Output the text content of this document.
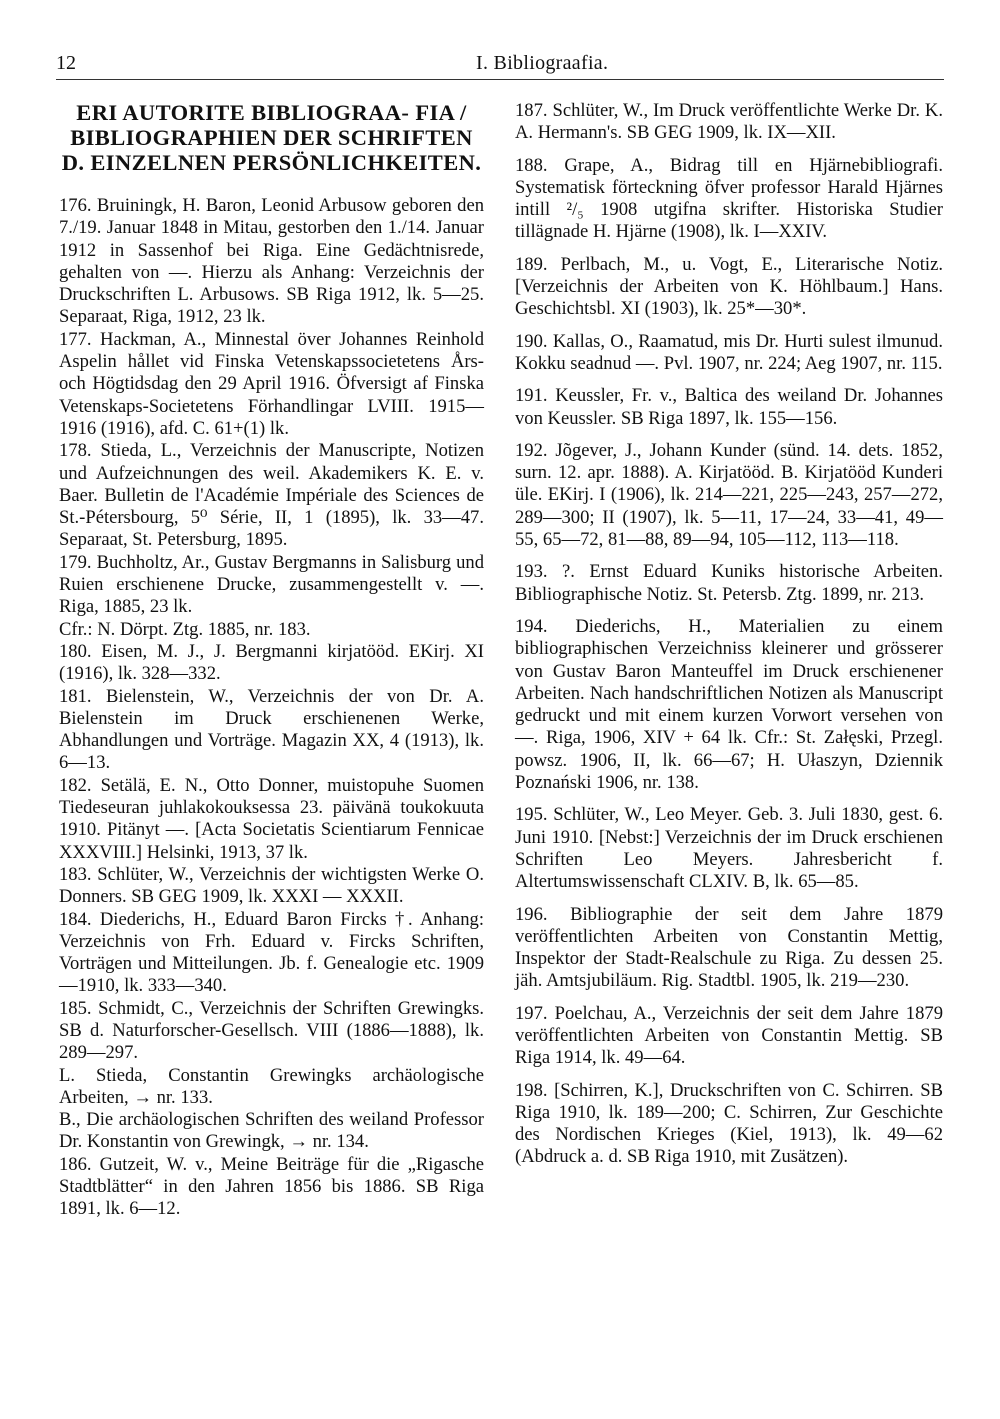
12	I. Bibliograafia.
ERI AUTORITE BIBLIOGRAA- FIA / BIBLIOGRAPHIEN DER SCHRIFTEN D. EINZELNEN PERSÖNLICHKEITEN.

176. Bruiningk, H. Baron, Leonid Arbusow geboren den 7./19. Januar 1848 in Mitau, gestorben den 1./14. Januar 1912 in Sassenhof bei Riga. Eine Gedächtnisrede, gehalten von —. Hierzu als Anhang: Verzeichnis der Druckschriften L. Arbusows. SB Riga 1912, lk. 5—25. Separaat, Riga, 1912, 23 lk.

177. Hackman, A., Minnestal över Johannes Reinhold Aspelin hållet vid Finska Vetenskapssocietetens Års- och Högtidsdag den 29 April 1916. Öfversigt af Finska Vetenskaps-Societetens Förhandlingar LVIII. 1915—1916 (1916), afd. C. 61+(1) lk.

178. Stieda, L., Verzeichnis der Manuscripte, Notizen und Aufzeichnungen des weil. Akademikers K. E. v. Baer. Bulletin de l'Académie Impériale des Sciences de St.-Pétersbourg, 5⁰ Série, II, 1 (1895), lk. 33—47. Separaat, St. Petersburg, 1895.

179. Buchholtz, Ar., Gustav Bergmanns in Salisburg und Ruien erschienene Drucke, zusammengestellt v. —. Riga, 1885, 23 lk.

Cfr.: N. Dörpt. Ztg. 1885, nr. 183.

180. Eisen, M. J., J. Bergmanni kirjatööd. EKirj. XI (1916), lk. 328—332.

181. Bielenstein, W., Verzeichnis der von Dr. A. Bielenstein im Druck erschienenen Werke, Abhandlungen und Vorträge. Magazin XX, 4 (1913), lk. 6—13.

182. Setälä, E. N., Otto Donner, muistopuhe Suomen Tiedeseuran juhlakokouksessa 23. päivänä toukokuuta 1910. Pitänyt —. [Acta Societatis Scientiarum Fennicae XXXVIII.] Helsinki, 1913, 37 lk.

183. Schlüter, W., Verzeichnis der wichtigsten Werke O. Donners. SB GEG 1909, lk. XXXI — XXXII.

184. Diederichs, H., Eduard Baron Fircks †. Anhang: Verzeichnis von Frh. Eduard v. Fircks Schriften, Vorträgen und Mitteilungen. Jb. f. Genealogie etc. 1909—1910, lk. 333—340.

185. Schmidt, C., Verzeichnis der Schriften Grewingks. SB d. Naturforscher-Gesellsch. VIII (1886—1888), lk. 289—297.

L. Stieda, Constantin Grewingks archäologische Arbeiten, → nr. 133.

B., Die archäologischen Schriften des weiland Professor Dr. Konstantin von Grewingk, → nr. 134.

186. Gutzeit, W. v., Meine Beiträge für die „Rigasche Stadtblätter“ in den Jahren 1856 bis 1886. SB Riga 1891, lk. 6—12.

187. Schlüter, W., Im Druck veröffentlichte Werke Dr. K. A. Hermann's. SB GEG 1909, lk. IX—XII.

188. Grape, A., Bidrag till en Hjärnebibliografi. Systematisk förteckning öfver professor Harald Hjärnes intill ²/₅ 1908 utgifna skrifter. Historiska Studier tillägnade H. Hjärne (1908), lk. I—XXIV.

189. Perlbach, M., u. Vogt, E., Literarische Notiz. [Verzeichnis der Arbeiten von K. Höhlbaum.] Hans. Geschichtsbl. XI (1903), lk. 25*—30*.

190. Kallas, O., Raamatud, mis Dr. Hurti sulest ilmunud. Kokku seadnud —. Pvl. 1907, nr. 224; Aeg 1907, nr. 115.

191. Keussler, Fr. v., Baltica des weiland Dr. Johannes von Keussler. SB Riga 1897, lk. 155—156.

192. Jõgever, J., Johann Kunder (sünd. 14. dets. 1852, surn. 12. apr. 1888). A. Kirjatööd. B. Kirjatööd Kunderi üle. EKirj. I (1906), lk. 214—221, 225—243, 257—272, 289—300; II (1907), lk. 5—11, 17—24, 33—41, 49—55, 65—72, 81—88, 89—94, 105—112, 113—118.

193. ?. Ernst Eduard Kuniks historische Arbeiten. Bibliographische Notiz. St. Petersb. Ztg. 1899, nr. 213.

194. Diederichs, H., Materialien zu einem bibliographischen Verzeichniss kleinerer und grösserer von Gustav Baron Manteuffel im Druck erschienener Arbeiten. Nach handschriftlichen Notizen als Manuscript gedruckt und mit einem kurzen Vorwort versehen von —. Riga, 1906, XIV + 64 lk. Cfr.: St. Załęski, Przegl. powsz. 1906, II, lk. 66—67; H. Ułaszyn, Dziennik Poznański 1906, nr. 138.

195. Schlüter, W., Leo Meyer. Geb. 3. Juli 1830, gest. 6. Juni 1910. [Nebst:] Verzeichnis der im Druck erschienen Schriften Leo Meyers. Jahresbericht f. Altertumswissenschaft CLXIV. B, lk. 65—85.

196. Bibliographie der seit dem Jahre 1879 veröffentlichten Arbeiten von Constantin Mettig, Inspektor der Stadt-Realschule zu Riga. Zu dessen 25. jäh. Amtsjubiläum. Rig. Stadtbl. 1905, lk. 219—230.

197. Poelchau, A., Verzeichnis der seit dem Jahre 1879 veröffentlichten Arbeiten von Constantin Mettig. SB Riga 1914, lk. 49—64.

198. [Schirren, K.], Druckschriften von C. Schirren. SB Riga 1910, lk. 189—200; C. Schirren, Zur Geschichte des Nordischen Krieges (Kiel, 1913), lk. 49—62 (Abdruck a. d. SB Riga 1910, mit Zusätzen).
